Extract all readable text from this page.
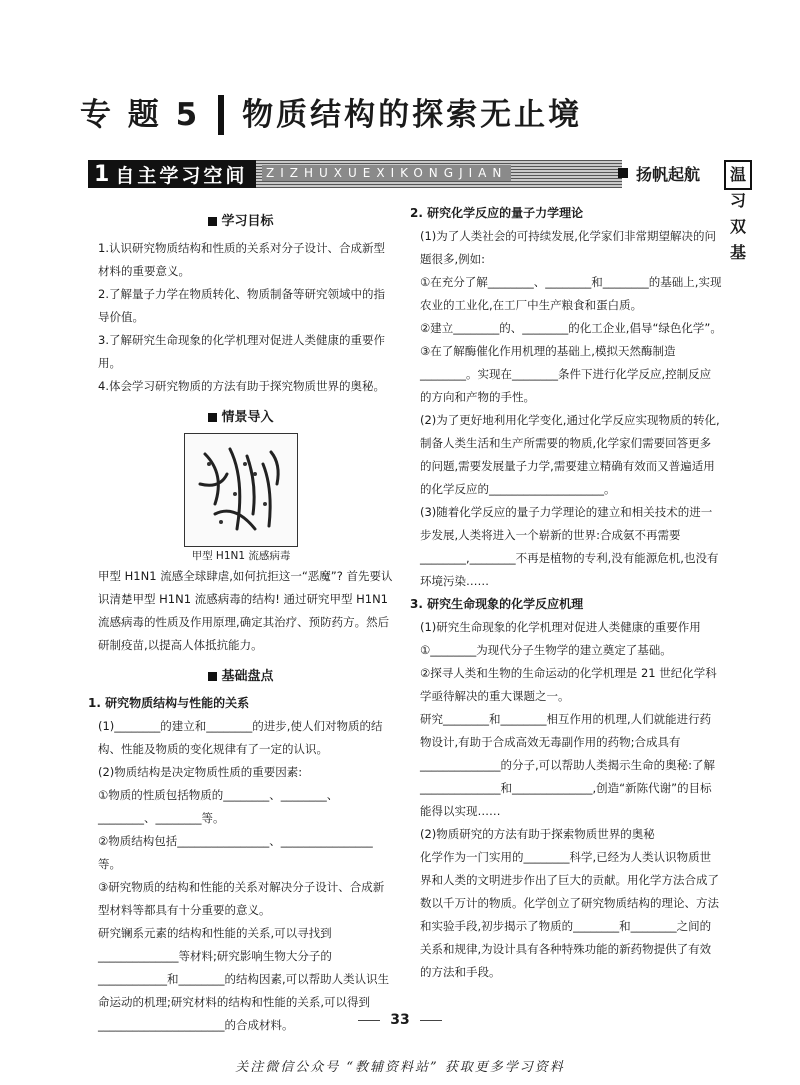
专 题 5 物质结构的探索无止境
1 自主学习空间	ZIZHUXUEXIKONGJIAN	扬帆起航	温习双基
学习目标

1.认识研究物质结构和性质的关系对分子设计、合成新型材料的重要意义。

2.了解量子力学在物质转化、物质制备等研究领域中的指导价值。

3.了解研究生命现象的化学机理对促进人类健康的重要作用。

4.体会学习研究物质的方法有助于探究物质世界的奥秘。

情景导入
甲型 H1N1 流感病毒

甲型 H1N1 流感全球肆虐,如何抗拒这一“恶魔”? 首先要认识清楚甲型 H1N1 流感病毒的结构! 通过研究甲型 H1N1 流感病毒的性质及作用原理,确定其治疗、预防药方。然后研制疫苗,以提高人体抵抗能力。

基础盘点
1. 研究物质结构与性能的关系

(1)________的建立和________的进步,使人们对物质的结构、性能及物质的变化规律有了一定的认识。

(2)物质结构是决定物质性质的重要因素:

①物质的性质包括物质的________、________、________、________等。

②物质结构包括________________、________________等。

③研究物质的结构和性能的关系对解决分子设计、合成新型材料等都具有十分重要的意义。

研究镧系元素的结构和性能的关系,可以寻找到______________等材料;研究影响生物大分子的____________和________的结构因素,可以帮助人类认识生命运动的机理;研究材料的结构和性能的关系,可以得到______________________的合成材料。

2. 研究化学反应的量子力学理论

(1)为了人类社会的可持续发展,化学家们非常期望解决的问题很多,例如:

①在充分了解________、________和________的基础上,实现农业的工业化,在工厂中生产粮食和蛋白质。

②建立________的、________的化工企业,倡导“绿色化学”。

③在了解酶催化作用机理的基础上,模拟天然酶制造________。实现在________条件下进行化学反应,控制反应的方向和产物的手性。

(2)为了更好地利用化学变化,通过化学反应实现物质的转化,制备人类生活和生产所需要的物质,化学家们需要回答更多的问题,需要发展量子力学,需要建立精确有效而又普遍适用的化学反应的____________________。

(3)随着化学反应的量子力学理论的建立和相关技术的进一步发展,人类将进入一个崭新的世界:合成氨不再需要________,________不再是植物的专利,没有能源危机,也没有环境污染……

3. 研究生命现象的化学反应机理

(1)研究生命现象的化学机理对促进人类健康的重要作用

①________为现代分子生物学的建立奠定了基础。

②探寻人类和生物的生命运动的化学机理是 21 世纪化学科学亟待解决的重大课题之一。

研究________和________相互作用的机理,人们就能进行药物设计,有助于合成高效无毒副作用的药物;合成具有______________的分子,可以帮助人类揭示生命的奥秘:了解______________和______________,创造“新陈代谢”的目标能得以实现……

(2)物质研究的方法有助于探索物质世界的奥秘

化学作为一门实用的________科学,已经为人类认识物质世界和人类的文明进步作出了巨大的贡献。用化学方法合成了数以千万计的物质。化学创立了研究物质结构的理论、方法和实验手段,初步揭示了物质的________和________之间的关系和规律,为设计具有各种特殊功能的新药物提供了有效的方法和手段。

33
关注微信公众号 “教辅资料站” 获取更多学习资料
